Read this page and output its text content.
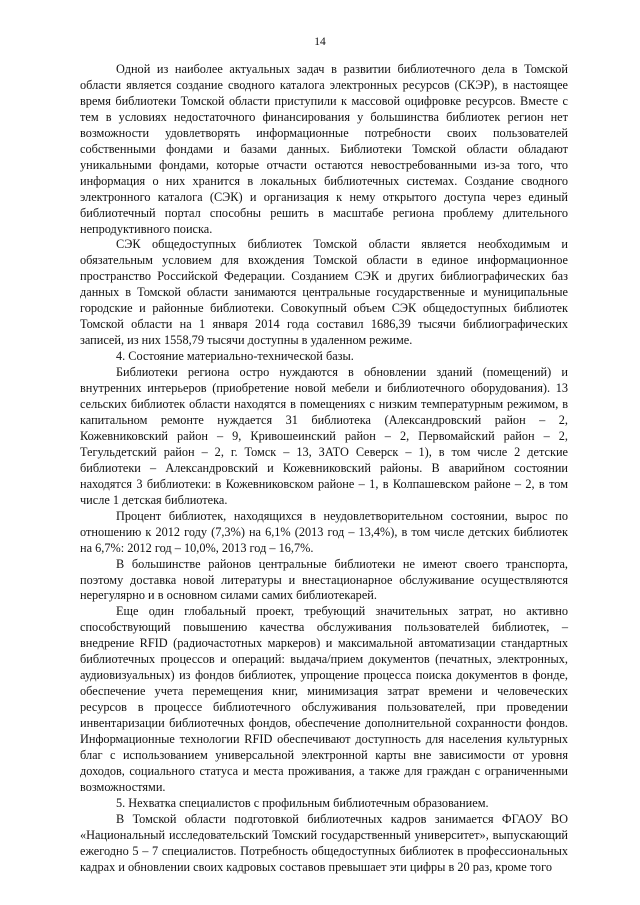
14

Одной из наиболее актуальных задач в развитии библиотечного дела в Томской области является создание сводного каталога электронных ресурсов (СКЭР), в настоящее время библиотеки Томской области приступили к массовой оцифровке ресурсов. Вместе с тем в условиях недостаточного финансирования у большинства библиотек регион нет возможности удовлетворять информационные потребности своих пользователей собственными фондами и базами данных. Библиотеки Томской области обладают уникальными фондами, которые отчасти остаются невостребованными из-за того, что информация о них хранится в локальных библиотечных системах. Создание сводного электронного каталога (СЭК) и организация к нему открытого доступа через единый библиотечный портал способны решить в масштабе региона проблему длительного непродуктивного поиска.

СЭК общедоступных библиотек Томской области является необходимым и обязательным условием для вхождения Томской области в единое информационное пространство Российской Федерации. Созданием СЭК и других библиографических баз данных в Томской области занимаются центральные государственные и муниципальные городские и районные библиотеки. Совокупный объем СЭК общедоступных библиотек Томской области на 1 января 2014 года составил 1686,39 тысячи библиографических записей, из них 1558,79 тысячи доступны в удаленном режиме.

4. Состояние материально-технической базы.

Библиотеки региона остро нуждаются в обновлении зданий (помещений) и внутренних интерьеров (приобретение новой мебели и библиотечного оборудования). 13 сельских библиотек области находятся в помещениях с низким температурным режимом, в капитальном ремонте нуждается 31 библиотека (Александровский район – 2, Кожевниковский район – 9, Кривошеинский район – 2, Первомайский район – 2, Тегульдетский район – 2, г. Томск – 13, ЗАТО Северск – 1), в том числе 2 детские библиотеки – Александровский и Кожевниковский районы. В аварийном состоянии находятся 3 библиотеки: в Кожевниковском районе – 1, в Колпашевском районе – 2, в том числе 1 детская библиотека.

Процент библиотек, находящихся в неудовлетворительном состоянии, вырос по отношению к 2012 году (7,3%) на 6,1% (2013 год – 13,4%), в том числе детских библиотек на 6,7%: 2012 год – 10,0%, 2013 год – 16,7%.

В большинстве районов центральные библиотеки не имеют своего транспорта, поэтому доставка новой литературы и внестационарное обслуживание осуществляются нерегулярно и в основном силами самих библиотекарей.

Еще один глобальный проект, требующий значительных затрат, но активно способствующий повышению качества обслуживания пользователей библиотек, – внедрение RFID (радиочастотных маркеров) и максимальной автоматизации стандартных библиотечных процессов и операций: выдача/прием документов (печатных, электронных, аудиовизуальных) из фондов библиотек, упрощение процесса поиска документов в фонде, обеспечение учета перемещения книг, минимизация затрат времени и человеческих ресурсов в процессе библиотечного обслуживания пользователей, при проведении инвентаризации библиотечных фондов, обеспечение дополнительной сохранности фондов. Информационные технологии RFID обеспечивают доступность для населения культурных благ с использованием универсальной электронной карты вне зависимости от уровня доходов, социального статуса и места проживания, а также для граждан с ограниченными возможностями.

5. Нехватка специалистов с профильным библиотечным образованием.

В Томской области подготовкой библиотечных кадров занимается ФГАОУ ВО «Национальный исследовательский Томский государственный университет», выпускающий ежегодно 5 – 7 специалистов. Потребность общедоступных библиотек в профессиональных кадрах и обновлении своих кадровых составов превышает эти цифры в 20 раз, кроме того
